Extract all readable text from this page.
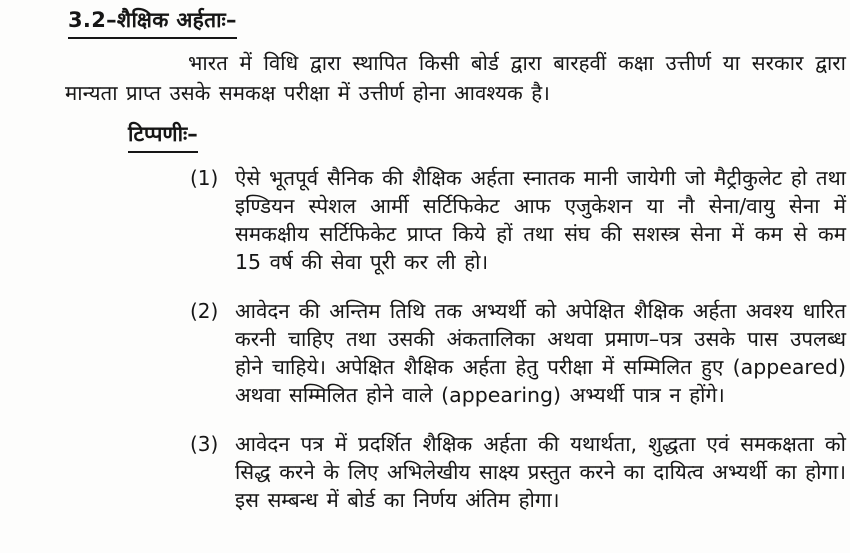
3.2–शैक्षिक अर्हताः–

भारत में विधि द्वारा स्थापित किसी बोर्ड द्वारा बारहवीं कक्षा उत्तीर्ण या सरकार द्वारा मान्यता प्राप्त उसके समकक्ष परीक्षा में उत्तीर्ण होना आवश्यक है।

टिप्पणीः–
(1) ऐसे भूतपूर्व सैनिक की शैक्षिक अर्हता स्नातक मानी जायेगी जो मैट्रीकुलेट हो तथा इण्डियन स्पेशल आर्मी सर्टिफिकेट आफ एजुकेशन या नौ सेना/वायु सेना में समकक्षीय सर्टिफिकेट प्राप्त किये हों तथा संघ की सशस्त्र सेना में कम से कम 15 वर्ष की सेवा पूरी कर ली हो।

(2) आवेदन की अन्तिम तिथि तक अभ्यर्थी को अपेक्षित शैक्षिक अर्हता अवश्य धारित करनी चाहिए तथा उसकी अंकतालिका अथवा प्रमाण–पत्र उसके पास उपलब्ध होने चाहिये। अपेक्षित शैक्षिक अर्हता हेतु परीक्षा में सम्मिलित हुए (appeared) अथवा सम्मिलित होने वाले (appearing) अभ्यर्थी पात्र न होंगे।

(3) आवेदन पत्र में प्रदर्शित शैक्षिक अर्हता की यथार्थता, शुद्धता एवं समकक्षता को सिद्ध करने के लिए अभिलेखीय साक्ष्य प्रस्तुत करने का दायित्व अभ्यर्थी का होगा। इस सम्बन्ध में बोर्ड का निर्णय अंतिम होगा।
